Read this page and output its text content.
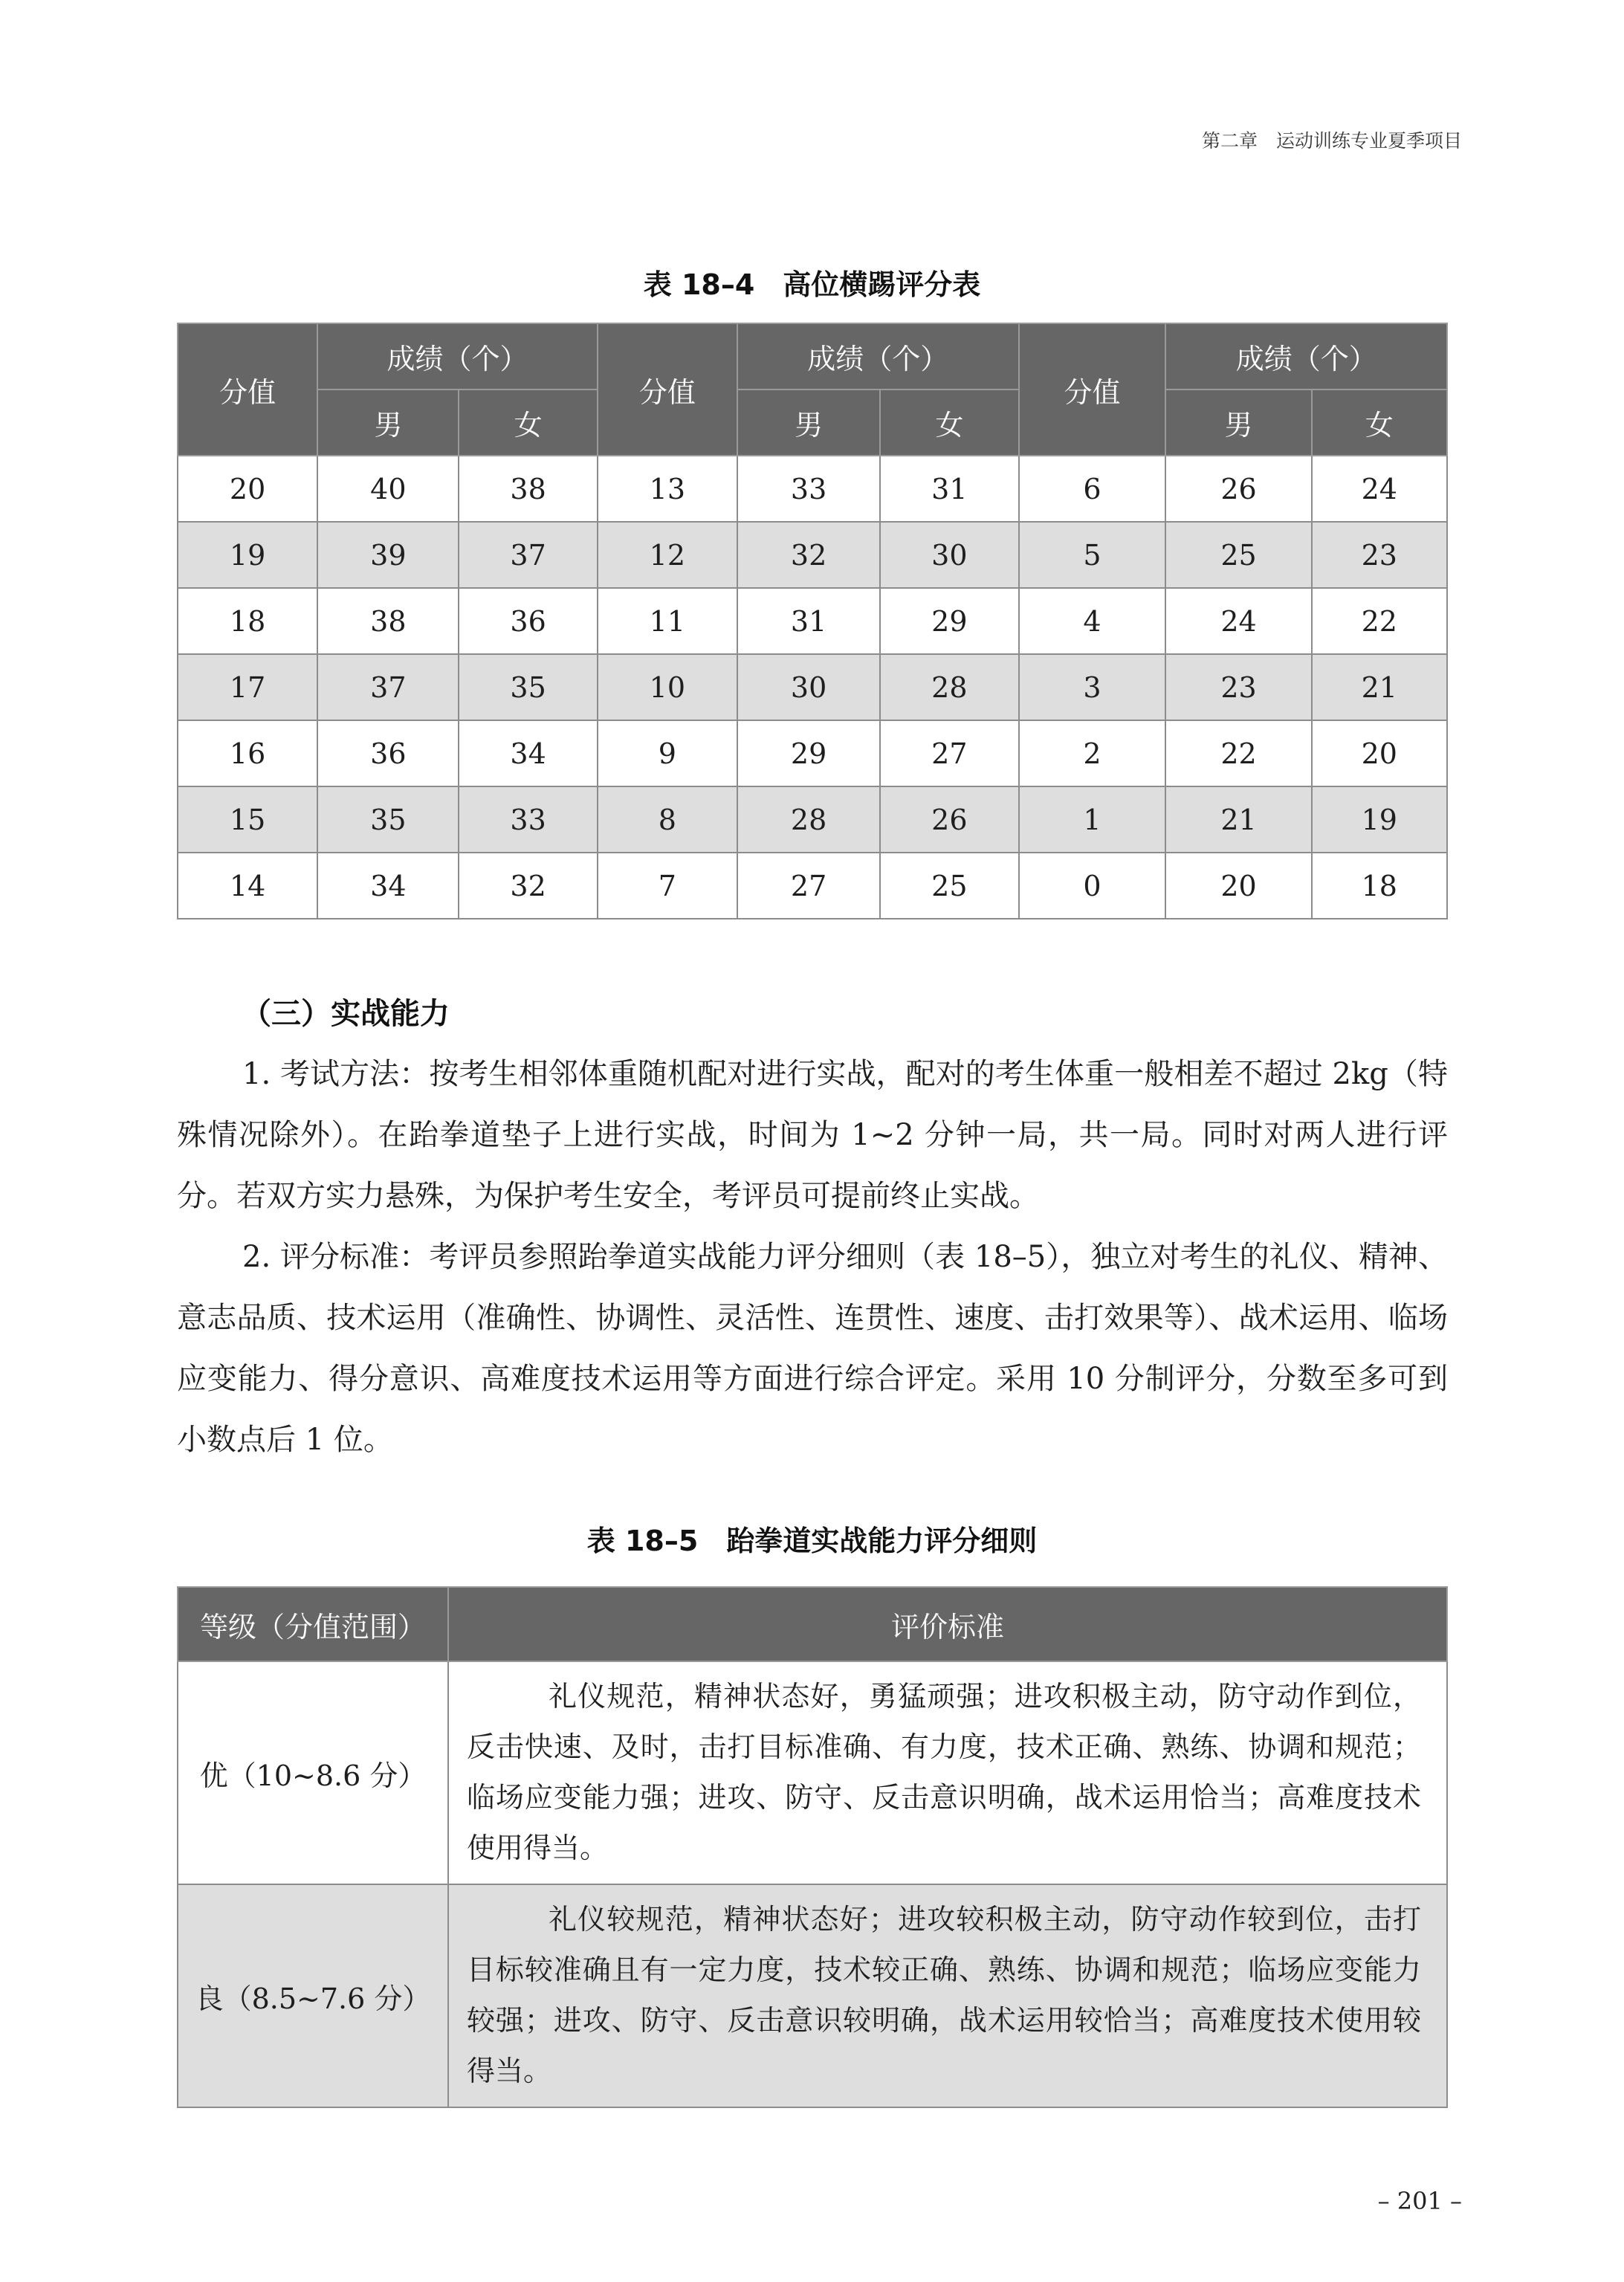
第二章　运动训练专业夏季项目
表 18–4　高位横踢评分表
分值	成绩（个）		分值	成绩（个）		分值	成绩（个）	
	男	女		男	女		男	女
20	40	38	13	33	31	6	26	24
19	39	37	12	32	30	5	25	23
18	38	36	11	31	29	4	24	22
17	37	35	10	30	28	3	23	21
16	36	34	9	29	27	2	22	20
15	35	33	8	28	26	1	21	19
14	34	32	7	27	25	0	20	18
（三）实战能力

1. 考试方法：按考生相邻体重随机配对进行实战，配对的考生体重一般相差不超过 2kg（特殊情况除外）。在跆拳道垫子上进行实战，时间为 1~2 分钟一局，共一局。同时对两人进行评分。若双方实力悬殊，为保护考生安全，考评员可提前终止实战。

2. 评分标准：考评员参照跆拳道实战能力评分细则（表 18–5），独立对考生的礼仪、精神、意志品质、技术运用（准确性、协调性、灵活性、连贯性、速度、击打效果等）、战术运用、临场应变能力、得分意识、高难度技术运用等方面进行综合评定。采用 10 分制评分，分数至多可到小数点后 1 位。

表 18–5　跆拳道实战能力评分细则
等级（分值范围）	评价标准
优（10~8.6 分）	礼仪规范，精神状态好，勇猛顽强；进攻积极主动，防守动作到位，反击快速、及时，击打目标准确、有力度，技术正确、熟练、协调和规范；临场应变能力强；进攻、防守、反击意识明确，战术运用恰当；高难度技术使用得当。
良（8.5~7.6 分）	礼仪较规范，精神状态好；进攻较积极主动，防守动作较到位，击打目标较准确且有一定力度，技术较正确、熟练、协调和规范；临场应变能力较强；进攻、防守、反击意识较明确，战术运用较恰当；高难度技术使用较得当。
– 201 –
